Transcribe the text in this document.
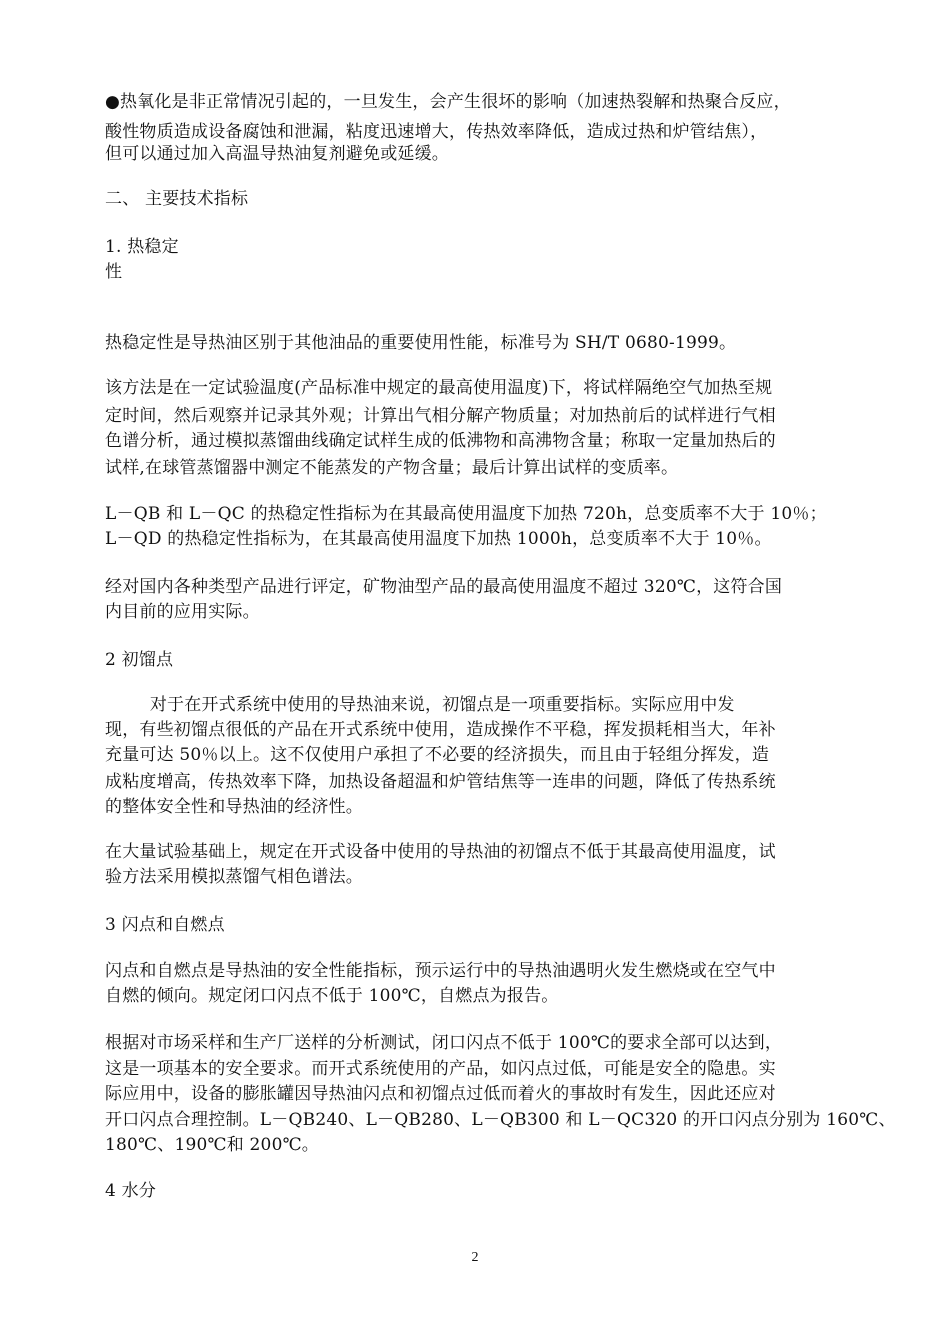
●热氧化是非正常情况引起的，一旦发生，会产生很坏的影响（加速热裂解和热聚合反应，
酸性物质造成设备腐蚀和泄漏，粘度迅速增大，传热效率降低，造成过热和炉管结焦），
但可以通过加入高温导热油复剂避免或延缓。
二、 主要技术指标
1. 热稳定
性
热稳定性是导热油区别于其他油品的重要使用性能，标准号为 SH/T 0680-1999。
该方法是在一定试验温度(产品标准中规定的最高使用温度)下，将试样隔绝空气加热至规
定时间，然后观察并记录其外观；计算出气相分解产物质量；对加热前后的试样进行气相
色谱分析，通过模拟蒸馏曲线确定试样生成的低沸物和高沸物含量；称取一定量加热后的
试样,在球管蒸馏器中测定不能蒸发的产物含量；最后计算出试样的变质率。
L－QB 和 L－QC 的热稳定性指标为在其最高使用温度下加热 720h，总变质率不大于 10％；
L－QD 的热稳定性指标为，在其最高使用温度下加热 1000h，总变质率不大于 10％。
经对国内各种类型产品进行评定，矿物油型产品的最高使用温度不超过 320℃，这符合国
内目前的应用实际。
2 初馏点
对于在开式系统中使用的导热油来说，初馏点是一项重要指标。实际应用中发
现，有些初馏点很低的产品在开式系统中使用，造成操作不平稳，挥发损耗相当大，年补
充量可达 50％以上。这不仅使用户承担了不必要的经济损失，而且由于轻组分挥发，造
成粘度增高，传热效率下降，加热设备超温和炉管结焦等一连串的问题，降低了传热系统
的整体安全性和导热油的经济性。
在大量试验基础上，规定在开式设备中使用的导热油的初馏点不低于其最高使用温度，试
验方法采用模拟蒸馏气相色谱法。
3 闪点和自燃点
闪点和自燃点是导热油的安全性能指标，预示运行中的导热油遇明火发生燃烧或在空气中
自燃的倾向。规定闭口闪点不低于 100℃，自燃点为报告。
根据对市场采样和生产厂送样的分析测试，闭口闪点不低于 100℃的要求全部可以达到，
这是一项基本的安全要求。而开式系统使用的产品，如闪点过低，可能是安全的隐患。实
际应用中，设备的膨胀罐因导热油闪点和初馏点过低而着火的事故时有发生，因此还应对
开口闪点合理控制。L－QB240、L－QB280、L－QB300 和 L－QC320 的开口闪点分别为 160℃、
180℃、190℃和 200℃。
4 水分
2
